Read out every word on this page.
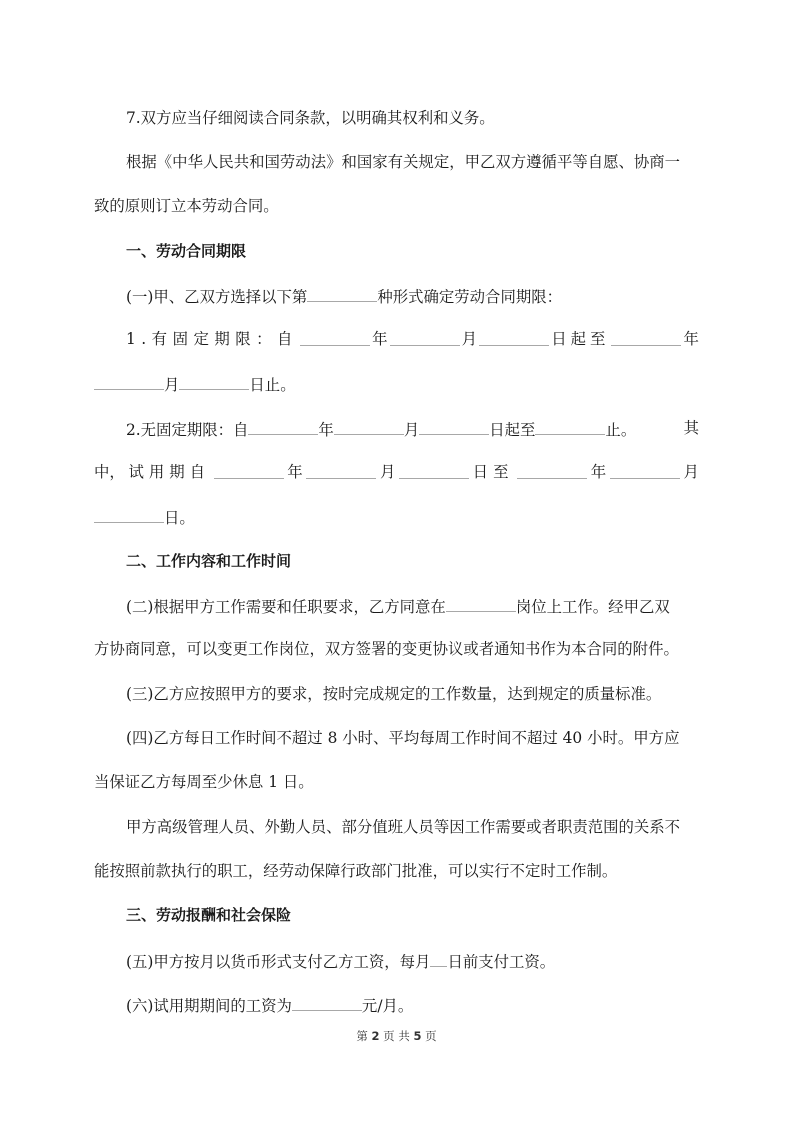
7.双方应当仔细阅读合同条款，以明确其权利和义务。
根据《中华人民共和国劳动法》和国家有关规定，甲乙双方遵循平等自愿、协商一
致的原则订立本劳动合同。
一、劳动合同期限
(一)甲、乙双方选择以下第	种形式确定劳动合同期限：
1.有固定期限：自	年	月	日起至	年
月	日止。
2.无固定期限：自	年	月	日起至	止。	其
中， 试用期自	年	月	日至	年	月
日。
二、工作内容和工作时间
(二)根据甲方工作需要和任职要求，乙方同意在	岗位上工作。经甲乙双
方协商同意，可以变更工作岗位，双方签署的变更协议或者通知书作为本合同的附件。
(三)乙方应按照甲方的要求，按时完成规定的工作数量，达到规定的质量标准。
(四)乙方每日工作时间不超过 8 小时、平均每周工作时间不超过 40 小时。甲方应
当保证乙方每周至少休息 1 日。
甲方高级管理人员、外勤人员、部分值班人员等因工作需要或者职责范围的关系不
能按照前款执行的职工，经劳动保障行政部门批准，可以实行不定时工作制。
三、劳动报酬和社会保险
(五)甲方按月以货币形式支付乙方工资，每月 日前支付工资。
(六)试用期期间的工资为	元/月。
第 2 页 共 5 页
